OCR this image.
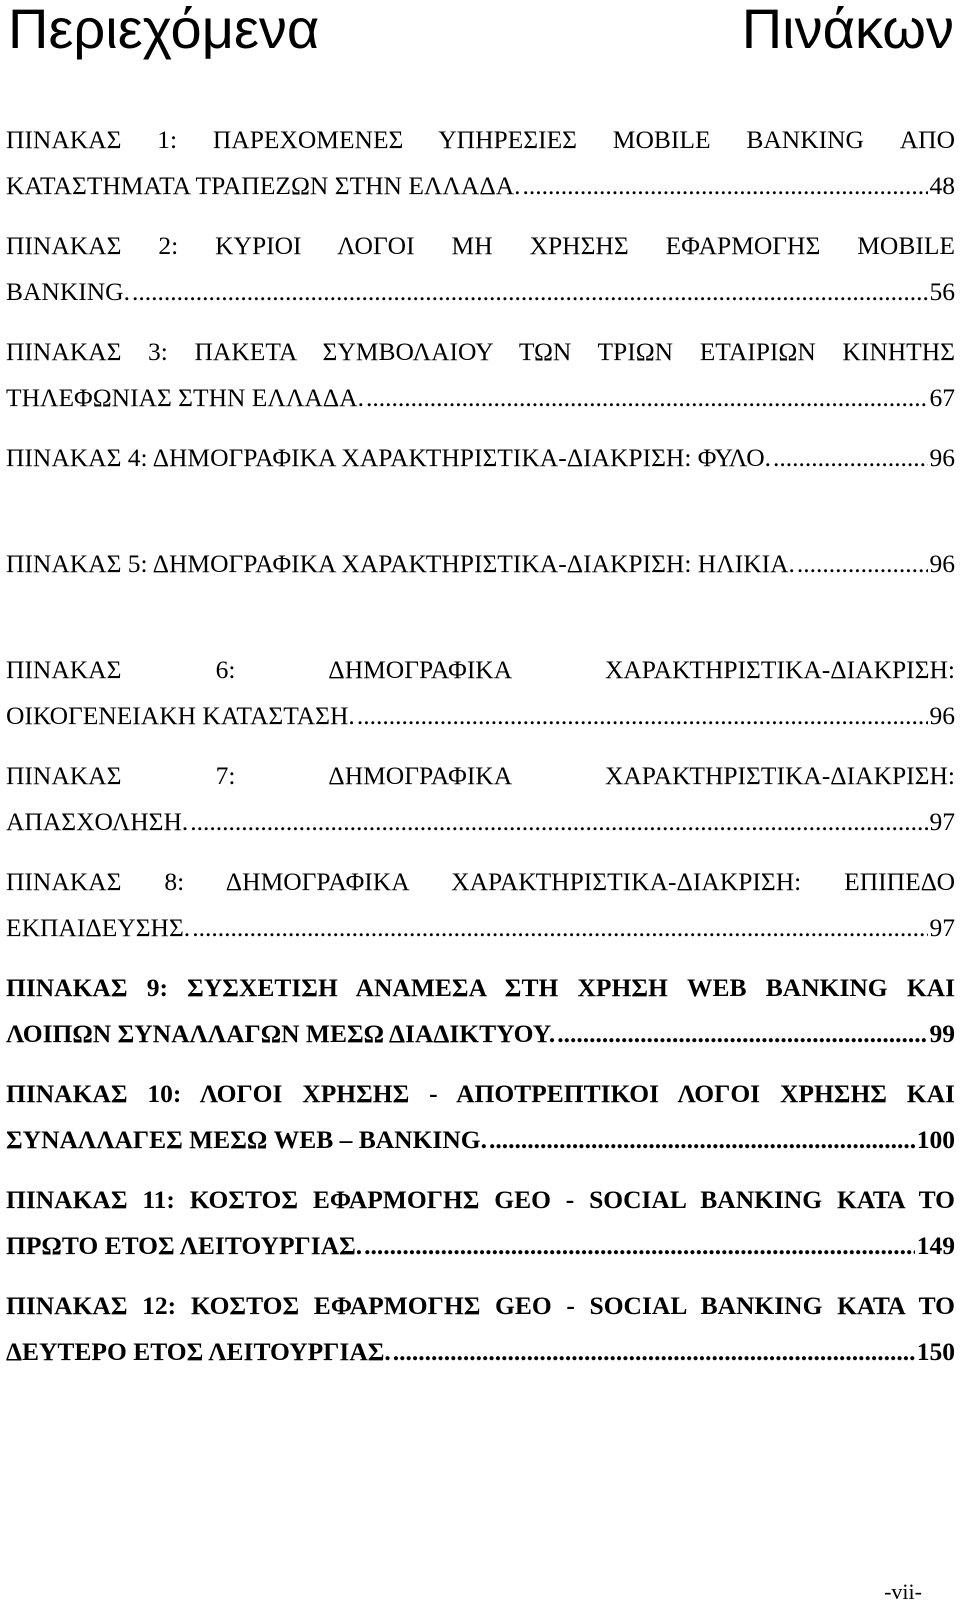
Περιεχόμενα	Πινάκων
ΠΙΝΑΚΑΣ 1: ΠΑΡΕΧΟΜΕΝΕΣ ΥΠΗΡΕΣΙΕΣ MOBILE BANKING ΑΠΟ
ΚΑΤΑΣΤΗΜΑΤΑ ΤΡΑΠΕΖΩΝ ΣΤΗΝ ΕΛΛΑΔΑ. .....	48
ΠΙΝΑΚΑΣ 2: ΚΥΡΙΟΙ ΛΟΓΟΙ ΜΗ ΧΡΗΣΗΣ ΕΦΑΡΜΟΓΗΣ MOBILE
BANKING. .....	56
ΠΙΝΑΚΑΣ 3: ΠΑΚΕΤΑ ΣΥΜΒΟΛΑΙΟΥ ΤΩΝ ΤΡΙΩΝ ΕΤΑΙΡΙΩΝ ΚΙΝΗΤΗΣ
ΤΗΛΕΦΩΝΙΑΣ ΣΤΗΝ ΕΛΛΑΔΑ. .....	67
ΠΙΝΑΚΑΣ 4: ΔΗΜΟΓΡΑΦΙΚΑ ΧΑΡΑΚΤΗΡΙΣΤΙΚΑ-ΔΙΑΚΡΙΣΗ: ΦΥΛΟ. .....	96
ΠΙΝΑΚΑΣ 5: ΔΗΜΟΓΡΑΦΙΚΑ ΧΑΡΑΚΤΗΡΙΣΤΙΚΑ-ΔΙΑΚΡΙΣΗ: ΗΛΙΚΙΑ. .....	96
ΠΙΝΑΚΑΣ 6: ΔΗΜΟΓΡΑΦΙΚΑ ΧΑΡΑΚΤΗΡΙΣΤΙΚΑ-ΔΙΑΚΡΙΣΗ:
ΟΙΚΟΓΕΝΕΙΑΚΗ ΚΑΤΑΣΤΑΣΗ. .....	96
ΠΙΝΑΚΑΣ 7: ΔΗΜΟΓΡΑΦΙΚΑ ΧΑΡΑΚΤΗΡΙΣΤΙΚΑ-ΔΙΑΚΡΙΣΗ:
ΑΠΑΣΧΟΛΗΣΗ. .....	97
ΠΙΝΑΚΑΣ 8: ΔΗΜΟΓΡΑΦΙΚΑ ΧΑΡΑΚΤΗΡΙΣΤΙΚΑ-ΔΙΑΚΡΙΣΗ: ΕΠΙΠΕΔΟ
ΕΚΠΑΙΔΕΥΣΗΣ. .....	97
ΠΙΝΑΚΑΣ 9: ΣΥΣΧΕΤΙΣΗ ΑΝΑΜΕΣΑ ΣΤΗ ΧΡΗΣΗ WEB BANKING ΚΑΙ
ΛΟΙΠΩΝ ΣΥΝΑΛΛΑΓΩΝ ΜΕΣΩ ΔΙΑΔΙΚΤΥΟΥ. .....	99
ΠΙΝΑΚΑΣ 10: ΛΟΓΟΙ ΧΡΗΣΗΣ - ΑΠΟΤΡΕΠΤΙΚΟΙ ΛΟΓΟΙ ΧΡΗΣΗΣ ΚΑΙ
ΣΥΝΑΛΛΑΓΕΣ ΜΕΣΩ WEB – BANKING. .....	100
ΠΙΝΑΚΑΣ 11: ΚΟΣΤΟΣ ΕΦΑΡΜΟΓΗΣ GEO - SOCIAL BANKING ΚΑΤΑ ΤΟ
ΠΡΩΤΟ ΕΤΟΣ ΛΕΙΤΟΥΡΓΙΑΣ. .....	149
ΠΙΝΑΚΑΣ 12: ΚΟΣΤΟΣ ΕΦΑΡΜΟΓΗΣ GEO - SOCIAL BANKING ΚΑΤΑ ΤΟ
ΔΕΥΤΕΡΟ ΕΤΟΣ ΛΕΙΤΟΥΡΓΙΑΣ. .....	150
-vii-
